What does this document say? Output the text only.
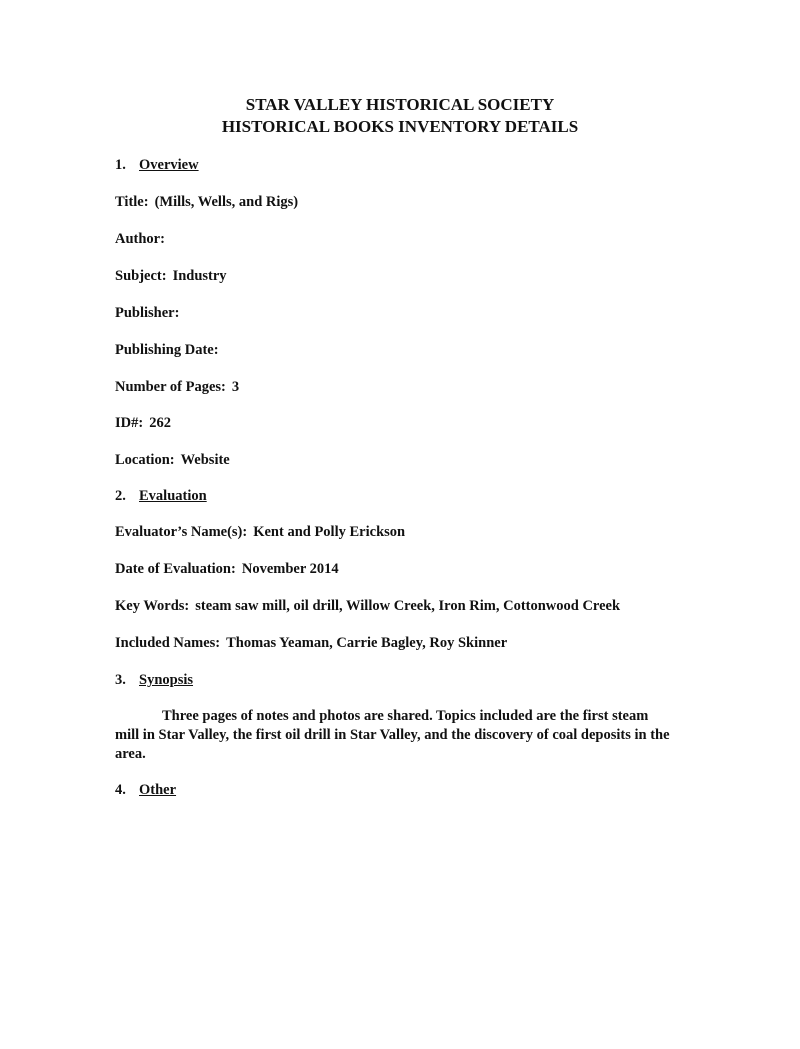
STAR VALLEY HISTORICAL SOCIETY
HISTORICAL BOOKS INVENTORY DETAILS
1. Overview
Title: (Mills, Wells, and Rigs)
Author:
Subject: Industry
Publisher:
Publishing Date:
Number of Pages: 3
ID#: 262
Location: Website
2. Evaluation
Evaluator’s Name(s): Kent and Polly Erickson
Date of Evaluation: November 2014
Key Words: steam saw mill, oil drill, Willow Creek, Iron Rim, Cottonwood Creek
Included Names: Thomas Yeaman, Carrie Bagley, Roy Skinner
3. Synopsis

Three pages of notes and photos are shared. Topics included are the first steam mill in Star Valley, the first oil drill in Star Valley, and the discovery of coal deposits in the area.

4. Other
